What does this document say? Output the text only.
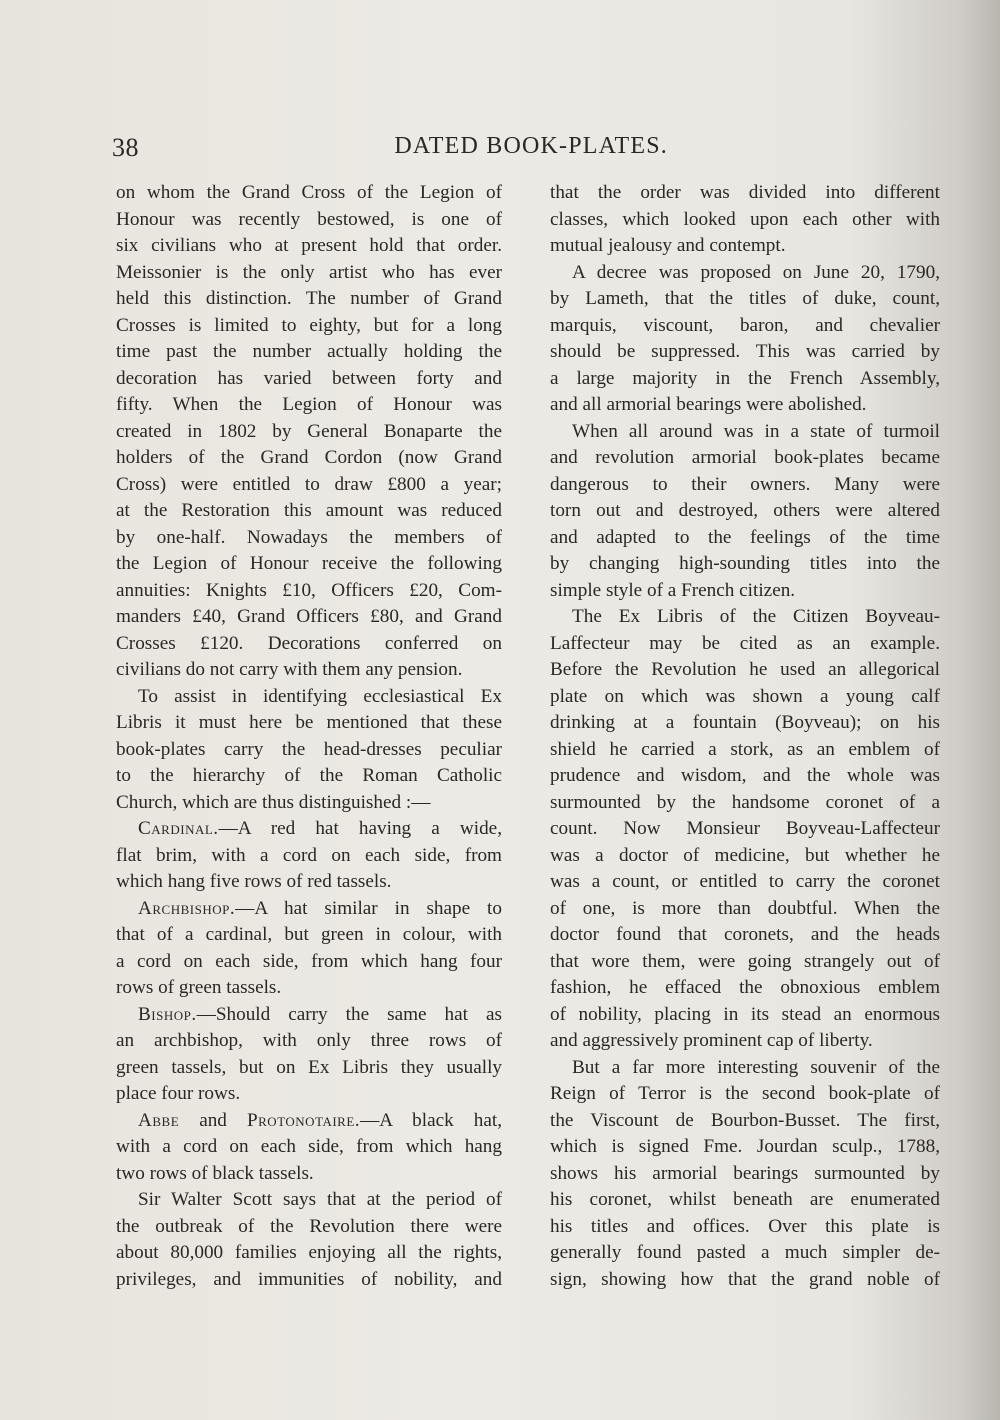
38	DATED BOOK-PLATES.
on whom the Grand Cross of the Legion of
Honour was recently bestowed, is one of
six civilians who at present hold that order.
Meissonier is the only artist who has ever
held this distinction. The number of Grand
Crosses is limited to eighty, but for a long
time past the number actually holding the
decoration has varied between forty and
fifty. When the Legion of Honour was
created in 1802 by General Bonaparte the
holders of the Grand Cordon (now Grand
Cross) were entitled to draw £800 a year;
at the Restoration this amount was reduced
by one-half. Nowadays the members of
the Legion of Honour receive the following
annuities: Knights £10, Officers £20, Com-
manders £40, Grand Officers £80, and Grand
Crosses £120. Decorations conferred on
civilians do not carry with them any pension.
To assist in identifying ecclesiastical Ex
Libris it must here be mentioned that these
book-plates carry the head-dresses peculiar
to the hierarchy of the Roman Catholic
Church, which are thus distinguished :—
Cardinal.—A red hat having a wide,
flat brim, with a cord on each side, from
which hang five rows of red tassels.
Archbishop.—A hat similar in shape to
that of a cardinal, but green in colour, with
a cord on each side, from which hang four
rows of green tassels.
Bishop.—Should carry the same hat as
an archbishop, with only three rows of
green tassels, but on Ex Libris they usually
place four rows.
Abbe and Protonotaire.—A black hat,
with a cord on each side, from which hang
two rows of black tassels.
Sir Walter Scott says that at the period of
the outbreak of the Revolution there were
about 80,000 families enjoying all the rights,
privileges, and immunities of nobility, and
that the order was divided into different
classes, which looked upon each other with
mutual jealousy and contempt.
A decree was proposed on June 20, 1790,
by Lameth, that the titles of duke, count,
marquis, viscount, baron, and chevalier
should be suppressed. This was carried by
a large majority in the French Assembly,
and all armorial bearings were abolished.
When all around was in a state of turmoil
and revolution armorial book-plates became
dangerous to their owners. Many were
torn out and destroyed, others were altered
and adapted to the feelings of the time
by changing high-sounding titles into the
simple style of a French citizen.
The Ex Libris of the Citizen Boyveau-
Laffecteur may be cited as an example.
Before the Revolution he used an allegorical
plate on which was shown a young calf
drinking at a fountain (Boyveau); on his
shield he carried a stork, as an emblem of
prudence and wisdom, and the whole was
surmounted by the handsome coronet of a
count. Now Monsieur Boyveau-Laffecteur
was a doctor of medicine, but whether he
was a count, or entitled to carry the coronet
of one, is more than doubtful. When the
doctor found that coronets, and the heads
that wore them, were going strangely out of
fashion, he effaced the obnoxious emblem
of nobility, placing in its stead an enormous
and aggressively prominent cap of liberty.
But a far more interesting souvenir of the
Reign of Terror is the second book-plate of
the Viscount de Bourbon-Busset. The first,
which is signed Fme. Jourdan sculp., 1788,
shows his armorial bearings surmounted by
his coronet, whilst beneath are enumerated
his titles and offices. Over this plate is
generally found pasted a much simpler de-
sign, showing how that the grand noble of
